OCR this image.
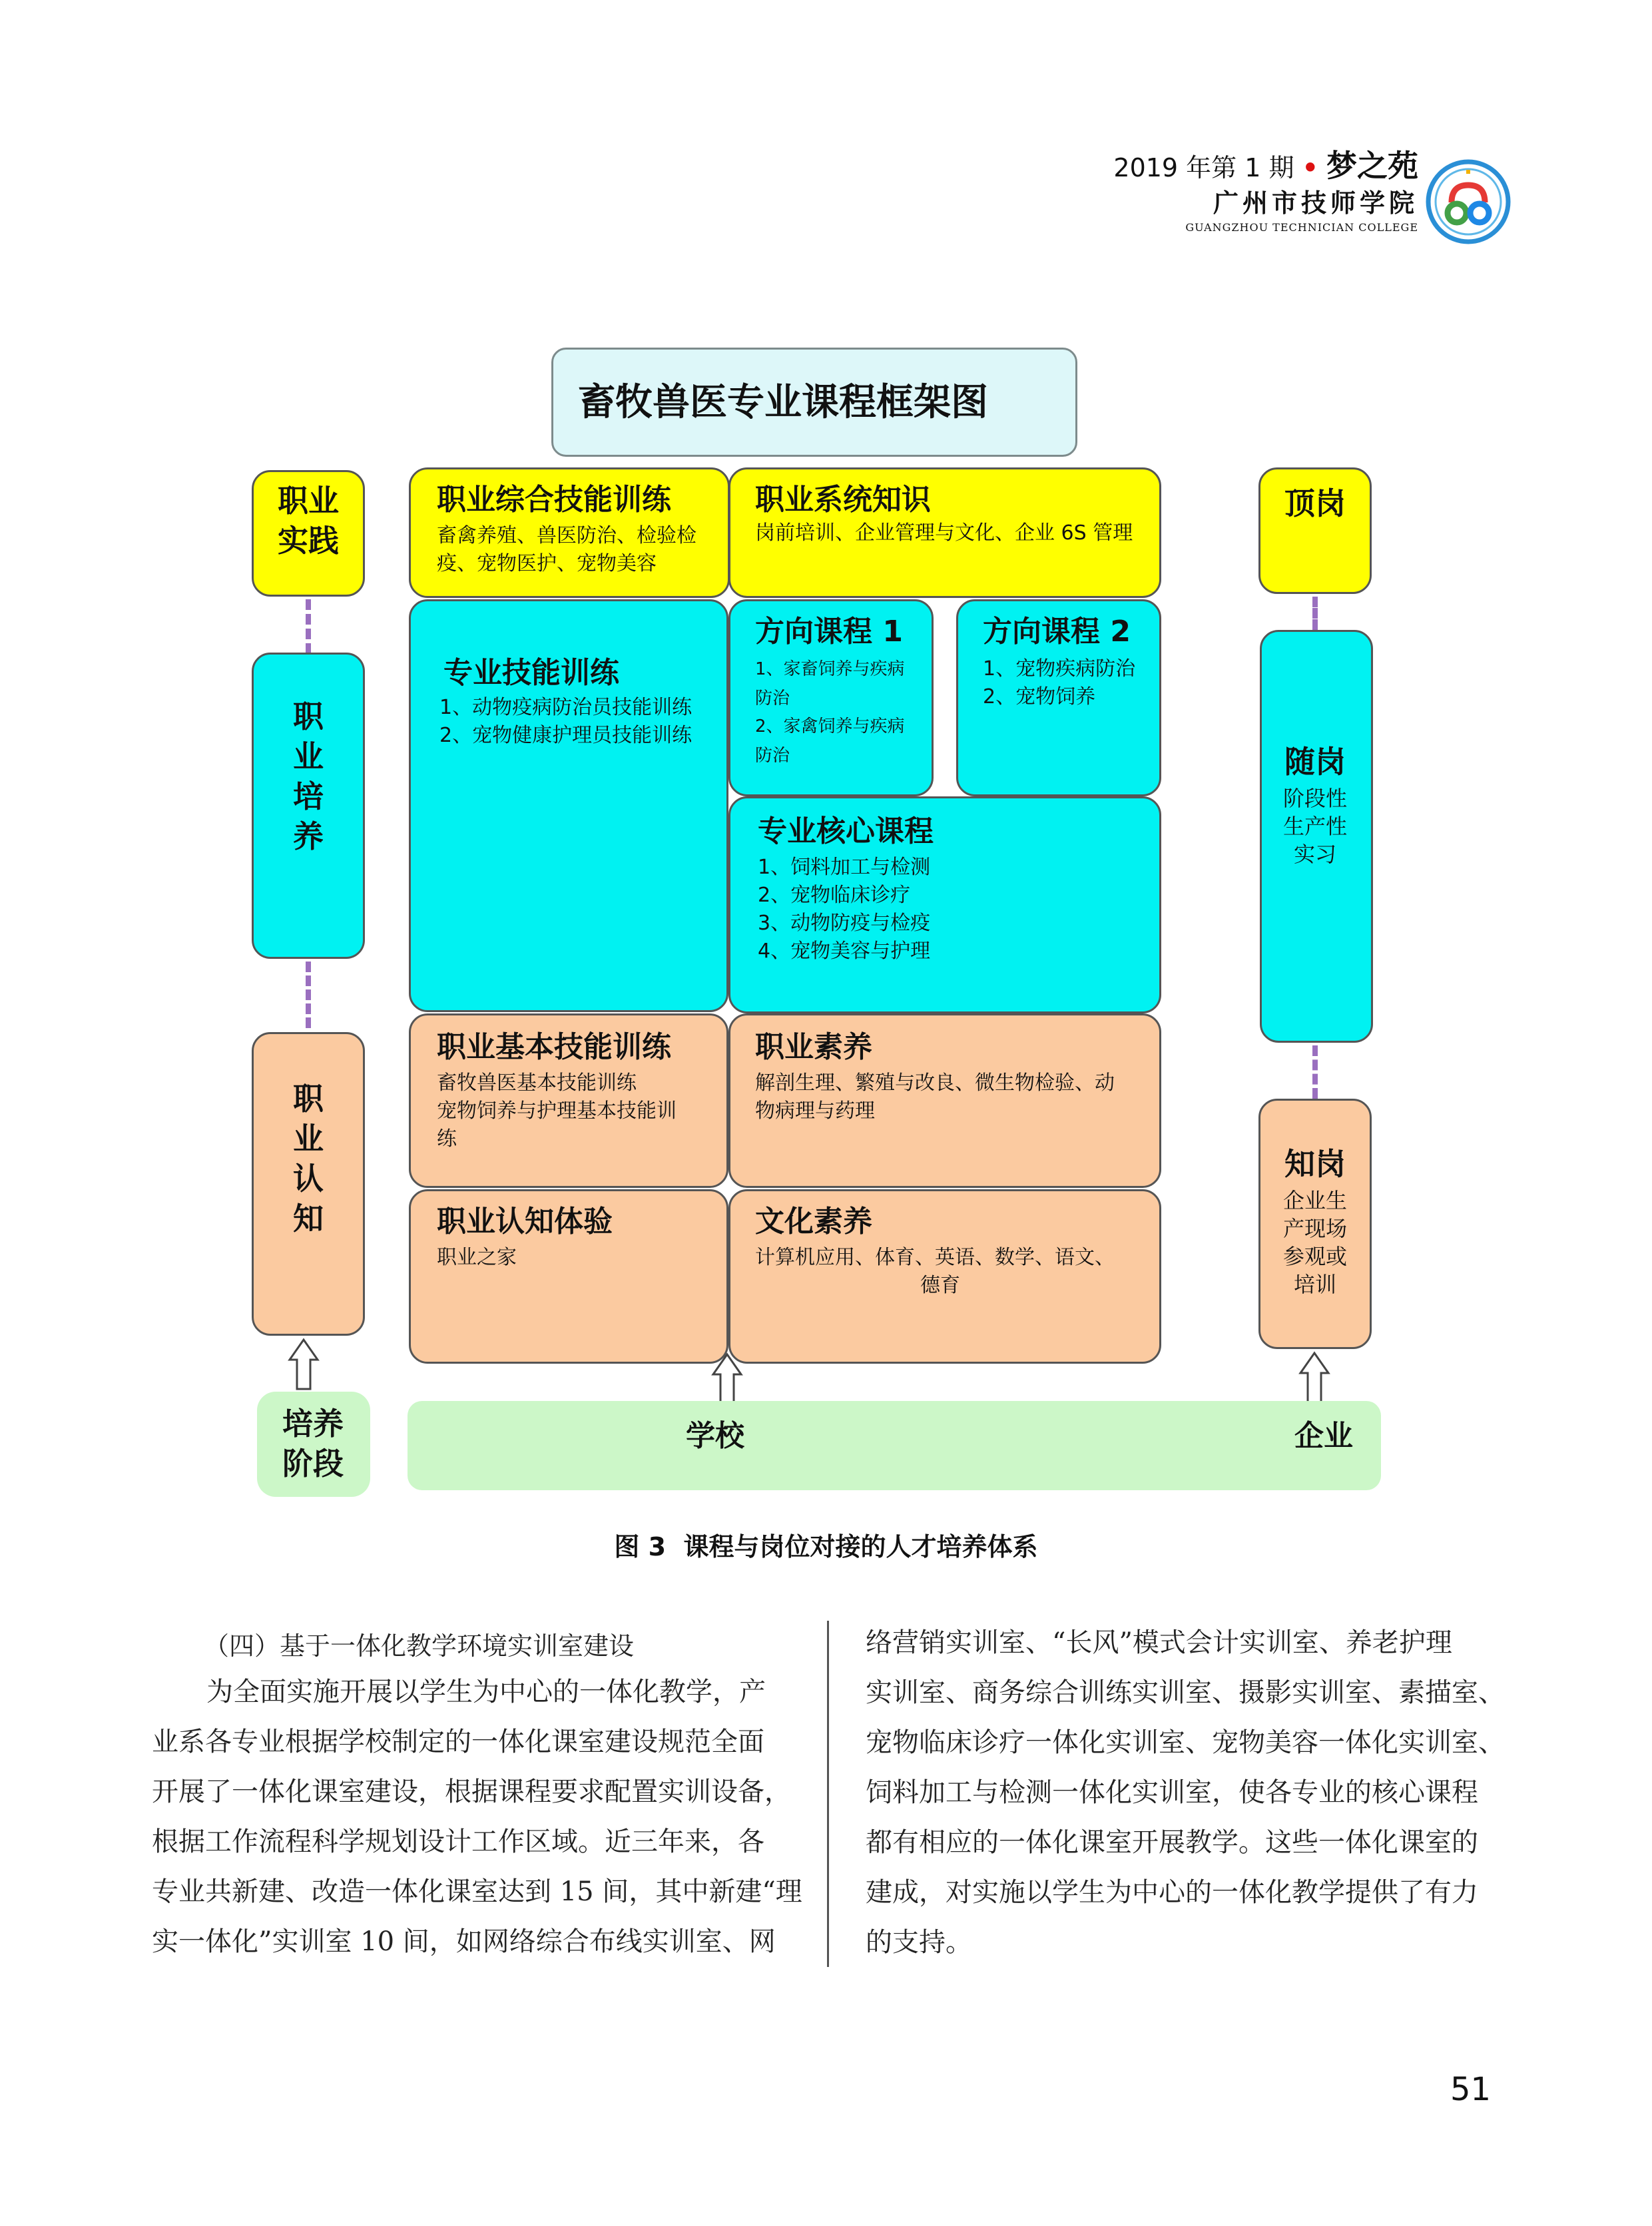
2019 年第 1 期 • 梦之苑
广州市技师学院
GUANGZHOU TECHNICIAN COLLEGE
畜牧兽医专业课程框架图
职业实践
职业培养
职业认知
培养阶段
职业综合技能训练
畜禽养殖、兽医防治、检验检
疫、宠物医护、宠物美容
职业系统知识
岗前培训、企业管理与文化、企业 6S 管理
专业技能训练
1、动物疫病防治员技能训练
2、宠物健康护理员技能训练
方向课程 1
1、家畜饲养与疾病
防治
2、家禽饲养与疾病
防治
方向课程 2
1、宠物疾病防治
2、宠物饲养
专业核心课程
1、饲料加工与检测
2、宠物临床诊疗
3、动物防疫与检疫
4、宠物美容与护理
职业基本技能训练
畜牧兽医基本技能训练
宠物饲养与护理基本技能训
练
职业素养
解剖生理、繁殖与改良、微生物检验、动
物病理与药理
职业认知体验
职业之家
文化素养
计算机应用、体育、英语、数学、语文、
德育
顶岗
随岗
阶段性生产性实习
知岗
企业生产现场参观或培训
学校	企业
图 3  课程与岗位对接的人才培养体系
（四）基于一体化教学环境实训室建设
为全面实施开展以学生为中心的一体化教学，产
业系各专业根据学校制定的一体化课室建设规范全面
开展了一体化课室建设，根据课程要求配置实训设备，
根据工作流程科学规划设计工作区域。近三年来，各
专业共新建、改造一体化课室达到 15 间，其中新建“理
实一体化”实训室 10 间，如网络综合布线实训室、网
络营销实训室、“长风”模式会计实训室、养老护理
实训室、商务综合训练实训室、摄影实训室、素描室、
宠物临床诊疗一体化实训室、宠物美容一体化实训室、
饲料加工与检测一体化实训室，使各专业的核心课程
都有相应的一体化课室开展教学。这些一体化课室的
建成，对实施以学生为中心的一体化教学提供了有力
的支持。
51
